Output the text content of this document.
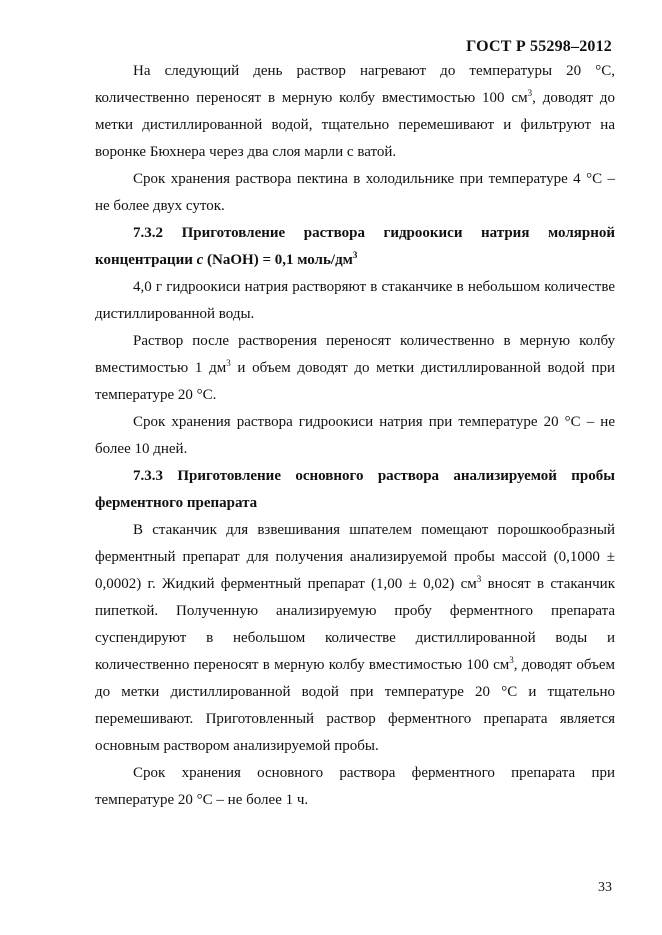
ГОСТ Р 55298–2012

На следующий день раствор нагревают до температуры 20 °С, количественно переносят в мерную колбу вместимостью 100 $см^3$, доводят до метки дистиллированной водой, тщательно перемешивают и фильтруют на воронке Бюхнера через два слоя марли с ватой.

Срок хранения раствора пектина в холодильнике при температуре 4 °С – не более двух суток.

7.3.2 Приготовление раствора гидроокиси натрия молярной концентрации c (NaOH) = 0,1 моль/$дм^3$

4,0 г гидроокиси натрия растворяют в стаканчике в небольшом количестве дистиллированной воды.

Раствор после растворения переносят количественно в мерную колбу вместимостью 1 $дм^3$ и объем доводят до метки дистиллированной водой при температуре 20 °С.

Срок хранения раствора гидроокиси натрия при температуре 20 °С – не более 10 дней.

7.3.3 Приготовление основного раствора анализируемой пробы ферментного препарата

В стаканчик для взвешивания шпателем помещают порошкообразный ферментный препарат для получения анализируемой пробы массой (0,1000 ± 0,0002) г. Жидкий ферментный препарат (1,00 ± 0,02) $см^3$ вносят в стаканчик пипеткой. Полученную анализируемую пробу ферментного препарата суспендируют в небольшом количестве дистиллированной воды и количественно переносят в мерную колбу вместимостью 100 $см^3$, доводят объем до метки дистиллированной водой при температуре 20 °С и тщательно перемешивают. Приготовленный раствор ферментного препарата является основным раствором анализируемой пробы.

Срок хранения основного раствора ферментного препарата при температуре 20 °С – не более 1 ч.

33
